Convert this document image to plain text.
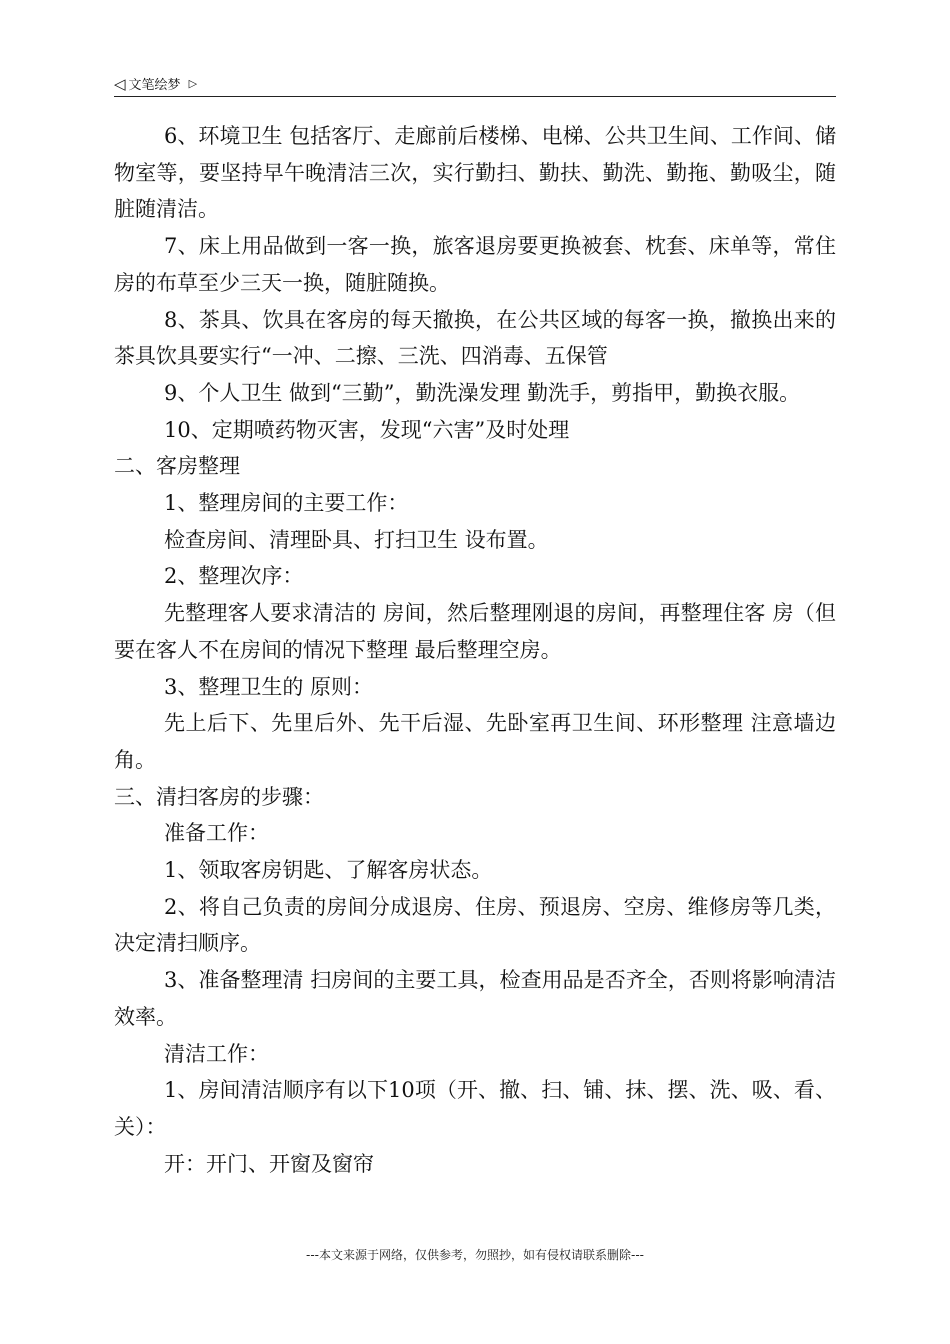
◁ 文笔绘梦 ▷

6、环境卫生 包括客厅、走廊前后楼梯、电梯、公共卫生间、工作间、储物室等，要坚持早午晚清洁三次，实行勤扫、勤扶、勤洗、勤拖、勤吸尘，随脏随清洁。

7、床上用品做到一客一换，旅客退房要更换被套、枕套、床单等，常住房的布草至少三天一换，随脏随换。

8、茶具、饮具在客房的每天撤换，在公共区域的每客一换，撤换出来的茶具饮具要实行“一冲、二擦、三洗、四消毒、五保管

9、个人卫生 做到“三勤”，勤洗澡发理 勤洗手，剪指甲，勤换衣服。

10、定期喷药物灭害，发现“六害”及时处理

二、客房整理

1、整理房间的主要工作：

检查房间、清理卧具、打扫卫生 设布置。

2、整理次序：

先整理客人要求清洁的 房间，然后整理刚退的房间，再整理住客 房（但要在客人不在房间的情况下整理 最后整理空房。

3、整理卫生的 原则：

先上后下、先里后外、先干后湿、先卧室再卫生间、环形整理 注意墙边角。

三、清扫客房的步骤：

准备工作：

1、领取客房钥匙、了解客房状态。

2、将自己负责的房间分成退房、住房、预退房、空房、维修房等几类，决定清扫顺序。

3、准备整理清 扫房间的主要工具，检查用品是否齐全，否则将影响清洁效率。

清洁工作：

1、房间清洁顺序有以下10项（开、撤、扫、铺、抹、摆、洗、吸、看、关）：

开：开门、开窗及窗帘

---本文来源于网络，仅供参考，勿照抄，如有侵权请联系删除---
